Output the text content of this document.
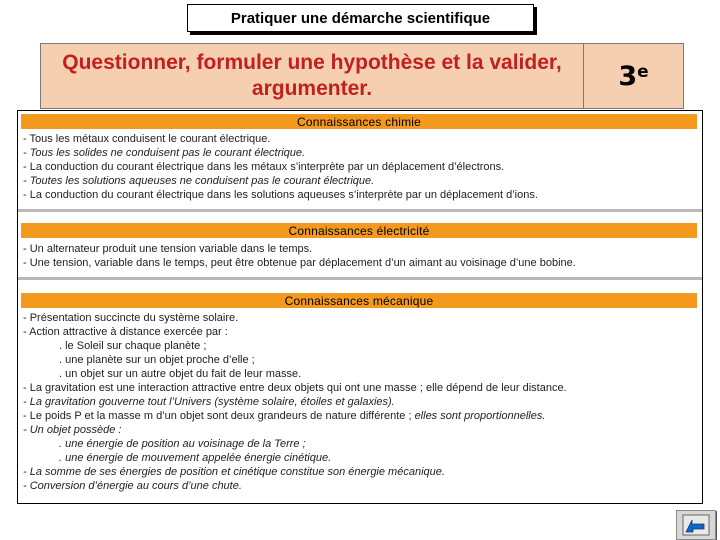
Pratiquer une démarche scientifique
Questionner, formuler une hypothèse et la valider, argumenter.	3e
Connaissances chimie
- Tous les métaux conduisent le courant électrique.
- Tous les solides ne conduisent pas le courant électrique.
- La conduction du courant électrique dans les métaux s’interprète par un déplacement d’électrons.
- Toutes les solutions aqueuses ne conduisent pas le courant électrique.
- La conduction du courant électrique dans les solutions aqueuses s’interprète par un déplacement d’ions.
Connaissances électricité
- Un alternateur produit une tension variable dans le temps.
- Une tension, variable dans le temps, peut être obtenue par déplacement d’un aimant au voisinage d’une bobine.
Connaissances mécanique
- Présentation succincte du système solaire.
- Action attractive à distance exercée par :
. le Soleil sur chaque planète ;
. une planète sur un objet proche d’elle ;
. un objet sur un autre objet du fait de leur masse.
- La gravitation est une interaction attractive entre deux objets qui ont une masse ; elle dépend de leur distance.
- La gravitation gouverne tout l’Univers (système solaire, étoiles et galaxies).
- Le poids P et la masse m d’un objet sont deux grandeurs de nature différente ; elles sont proportionnelles.
- Un objet possède :
. une énergie de position au voisinage de la Terre ;
. une énergie de mouvement appelée énergie cinétique.
- La somme de ses énergies de position et cinétique constitue son énergie mécanique.
- Conversion d’énergie au cours d’une chute.
